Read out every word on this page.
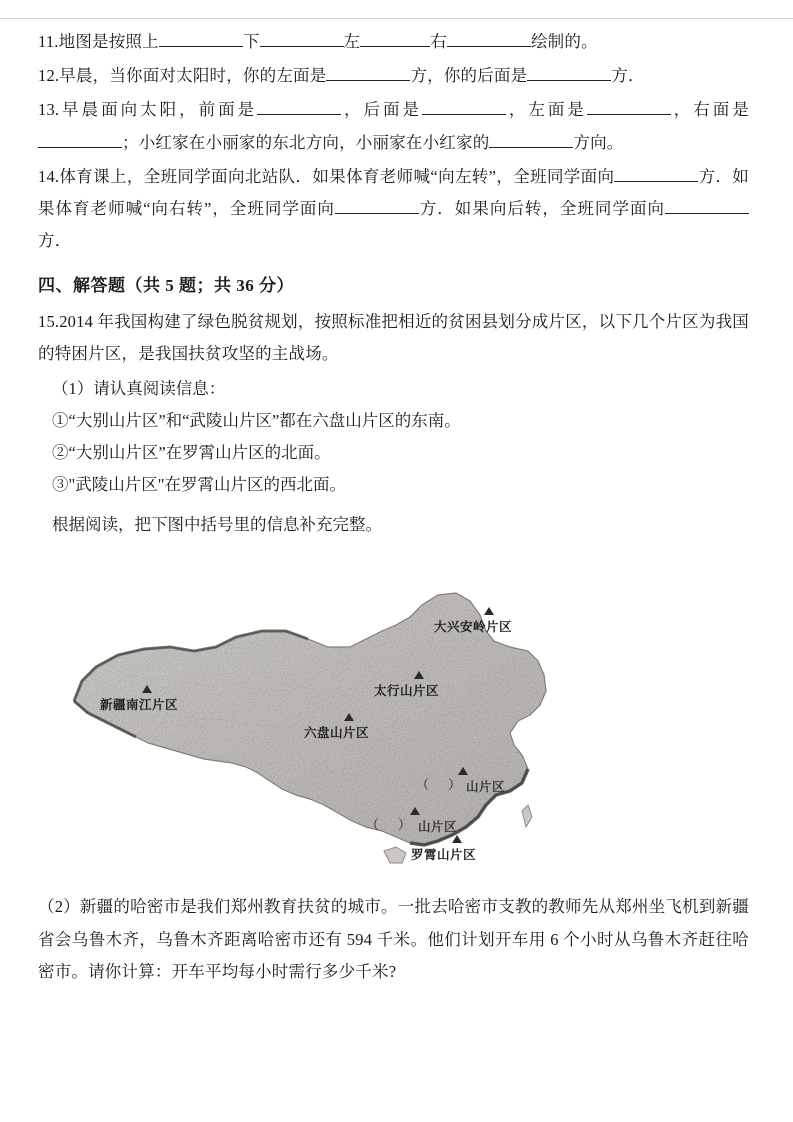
11.地图是按照上	下	左	右	绘制的。

12.早晨，当你面对太阳时，你的左面是	方，你的后面是	方．

13.早晨面向太阳，前面是	，后面是	，左面是	，右面是；小红家在小丽家的东北方向，小丽家在小红家的	方向。

14.体育课上，全班同学面向北站队．如果体育老师喊“向左转”，全班同学面向	方．如果体育老师喊“向右转”，全班同学面向	方．如果向后转，全班同学面向方．

四、解答题（共 5 题；共 36 分）

15.2014 年我国构建了绿色脱贫规划，按照标准把相近的贫困县划分成片区，以下几个片区为我国的特困片区，是我国扶贫攻坚的主战场。

（1）请认真阅读信息：

①“大别山片区”和“武陵山片区”都在六盘山片区的东南。

②“大别山片区”在罗霄山片区的北面。

③"武陵山片区"在罗霄山片区的西北面。

根据阅读，把下图中括号里的信息补充完整。

大兴安岭片区
新疆南江片区
太行山片区
六盘山片区
山片区
山片区
罗霄山片区
（ ）
（ ）

（2）新疆的哈密市是我们郑州教育扶贫的城市。一批去哈密市支教的教师先从郑州坐飞机到新疆省会乌鲁木齐，乌鲁木齐距离哈密市还有 594 千米。他们计划开车用 6 个小时从乌鲁木齐赶往哈密市。请你计算：开车平均每小时需行多少千米?
